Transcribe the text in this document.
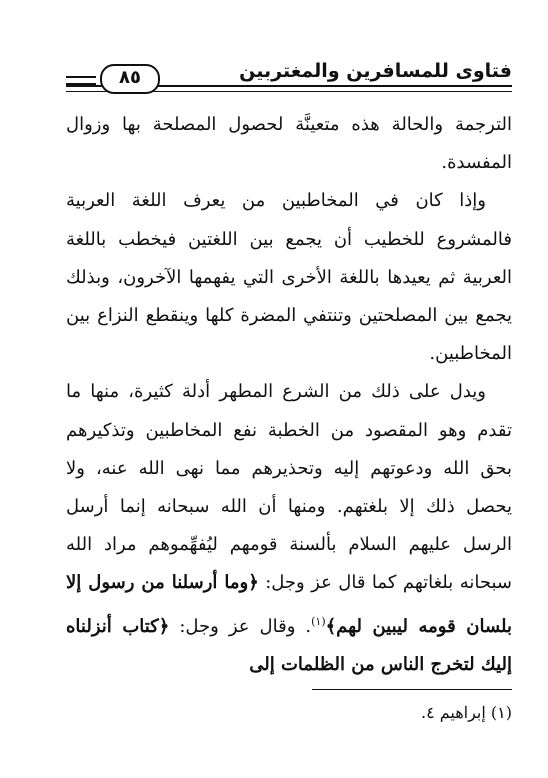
فتاوى للمسافرين والمغتربين
٨٥

الترجمة والحالة هذه متعينَّة لحصول المصلحة بها وزوال المفسدة.

وإذا كان في المخاطبين من يعرف اللغة العربية فالمشروع للخطيب أن يجمع بين اللغتين فيخطب باللغة العربية ثم يعيدها باللغة الأخرى التي يفهمها الآخرون، وبذلك يجمع بين المصلحتين وتنتفي المضرة كلها وينقطع النزاع بين المخاطبين.

ويدل على ذلك من الشرع المطهر أدلة كثيرة، منها ما تقدم وهو المقصود من الخطبة نفع المخاطبين وتذكيرهم بحق الله ودعوتهم إليه وتحذيرهم مما نهى الله عنه، ولا يحصل ذلك إلا بلغتهم. ومنها أن الله سبحانه إنما أرسل الرسل عليهم السلام بألسنة قومهم ليُفهِّموهم مراد الله سبحانه بلغاتهم كما قال عز وجل: ﴿وما أرسلنا من رسول إلا بلسان قومه ليبين لهم﴾$^{(١)}$. وقال عز وجل: ﴿كتاب أنزلناه إليك لتخرج الناس من الظلمات إلى

(١) إبراهيم ٤.
